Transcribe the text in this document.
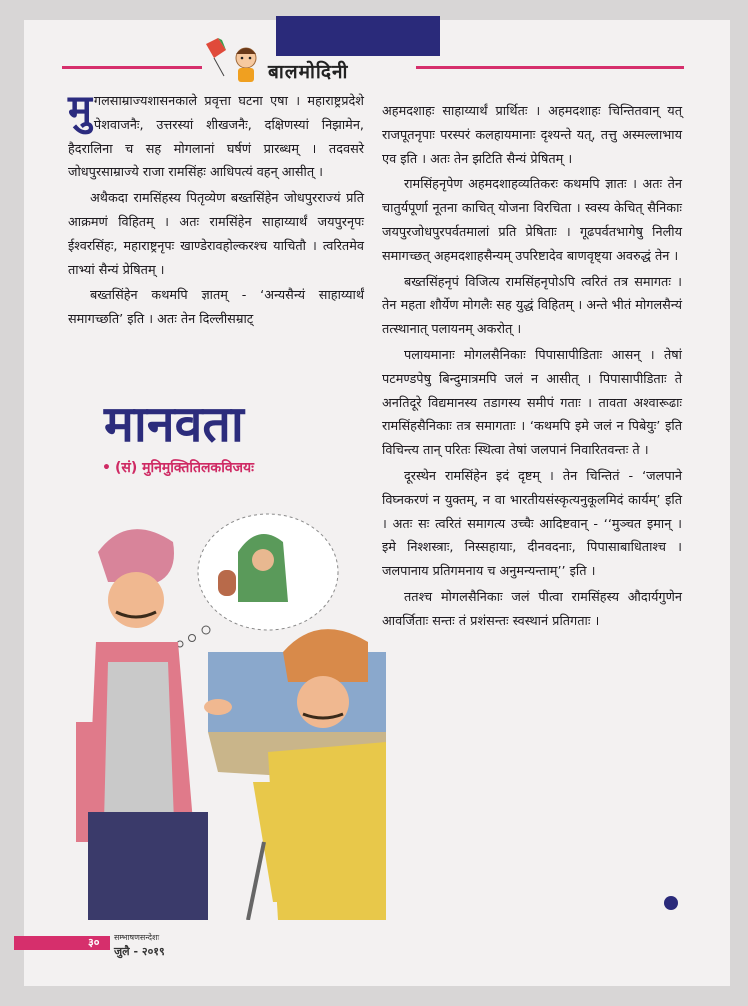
बालमोदिनी

मुगलसाम्राज्यशासनकाले प्रवृत्ता घटना एषा । महाराष्ट्रप्रदेशे पेशवाजनैः, उत्तरस्यां शीखजनैः, दक्षिणस्यां निझामेन, हैदरालिना च सह मोगलानां घर्षणं प्रारब्धम् । तदवसरे जोधपुरसाम्राज्ये राजा रामसिंहः आधिपत्यं वहन् आसीत् ।

अथैकदा रामसिंहस्य पितृव्येण बख्तसिंहेन जोधपुरराज्यं प्रति आक्रमणं विहितम् । अतः रामसिंहेन साहाय्यार्थं जयपुरनृपः ईश्वरसिंहः, महाराष्ट्रनृपः खाण्डेरावहोल्करश्च याचितौ । त्वरितमेव ताभ्यां सैन्यं प्रेषितम् ।

बख्तसिंहेन कथमपि ज्ञातम् - ‘अन्यसैन्यं साहाय्यार्थं समागच्छति’ इति । अतः तेन दिल्लीसम्राट्

मानवता
• (सं) मुनिमुक्तितिलकविजयः

अहमदशाहः साहाय्यार्थं प्रार्थितः । अहमदशाहः चिन्तितवान् यत् राजपूतनृपाः परस्परं कलहायमानाः दृश्यन्ते यत्, तत्तु अस्मल्लाभाय एव इति । अतः तेन झटिति सैन्यं प्रेषितम् ।

रामसिंहनृपेण अहमदशाहव्यतिकरः कथमपि ज्ञातः । अतः तेन चातुर्यपूर्णा नूतना काचित् योजना विरचिता । स्वस्य केचित् सैनिकाः जयपुरजोधपुरपर्वतमालां प्रति प्रेषिताः । गूढपर्वतभागेषु निलीय समागच्छत् अहमदशाहसैन्यम् उपरिष्टादेव बाणवृष्ट्या अवरुद्धं तेन ।

बख्तसिंहनृपं विजित्य रामसिंहनृपोऽपि त्वरितं तत्र समागतः । तेन महता शौर्येण मोगलैः सह युद्धं विहितम् । अन्ते भीतं मोगलसैन्यं तत्स्थानात् पलायनम् अकरोत् ।

पलायमानाः मोगलसैनिकाः पिपासापीडिताः आसन् । तेषां पटमण्डपेषु बिन्दुमात्रमपि जलं न आसीत् । पिपासापीडिताः ते अनतिदूरे विद्यमानस्य तडागस्य समीपं गताः । तावता अश्वारूढाः रामसिंहसैनिकाः तत्र समागताः । ‘कथमपि इमे जलं न पिबेयुः’ इति विचिन्त्य तान् परितः स्थित्वा तेषां जलपानं निवारितवन्तः ते ।

दूरस्थेन रामसिंहेन इदं दृष्टम् । तेन चिन्तितं - ‘जलपाने विघ्नकरणं न युक्तम्, न वा भारतीयसंस्कृत्यनुकूलमिदं कार्यम्’ इति । अतः सः त्वरितं समागत्य उच्चैः आदिष्टवान् - ‘‘मुञ्चत इमान् । इमे निश्शस्त्राः, निस्सहायाः, दीनवदनाः, पिपासाबाधिताश्च । जलपानाय प्रतिगमनाय च अनुमन्यन्ताम्’’ इति ।

ततश्च मोगलसैनिकाः जलं पीत्वा रामसिंहस्य औदार्यगुणेन आवर्जिताः सन्तः तं प्रशंसन्तः स्वस्थानं प्रतिगताः ।

३० सम्भाषणसन्देशः
जुलै - २०१९
